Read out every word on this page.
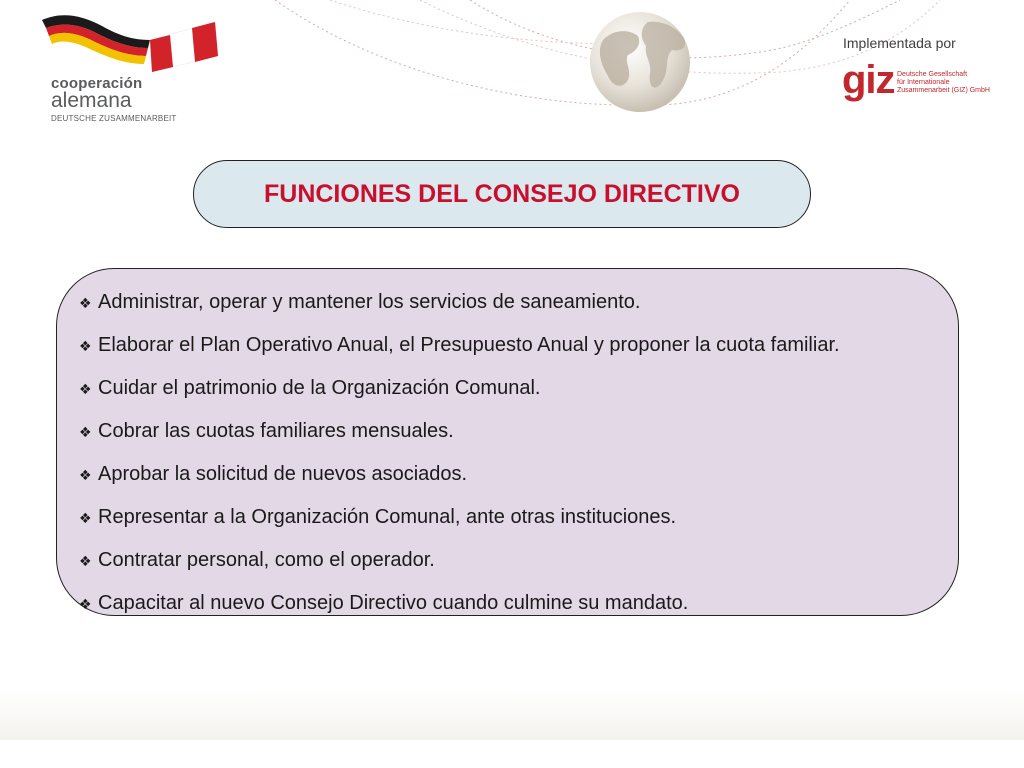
cooperación
alemana
DEUTSCHE ZUSAMMENARBEIT
Implementada por
giz Deutsche Gesellschaft
für Internationale
Zusammenarbeit (GIZ) GmbH
FUNCIONES DEL CONSEJO DIRECTIVO
❖ Administrar, operar y mantener los servicios de saneamiento.
❖ Elaborar el Plan Operativo Anual, el Presupuesto Anual y proponer la cuota familiar.
❖ Cuidar el patrimonio de la Organización Comunal.
❖ Cobrar las cuotas familiares mensuales.
❖ Aprobar la solicitud de nuevos asociados.
❖ Representar a la Organización Comunal, ante otras instituciones.
❖ Contratar personal, como el operador.
❖ Capacitar al nuevo Consejo Directivo cuando culmine su mandato.
